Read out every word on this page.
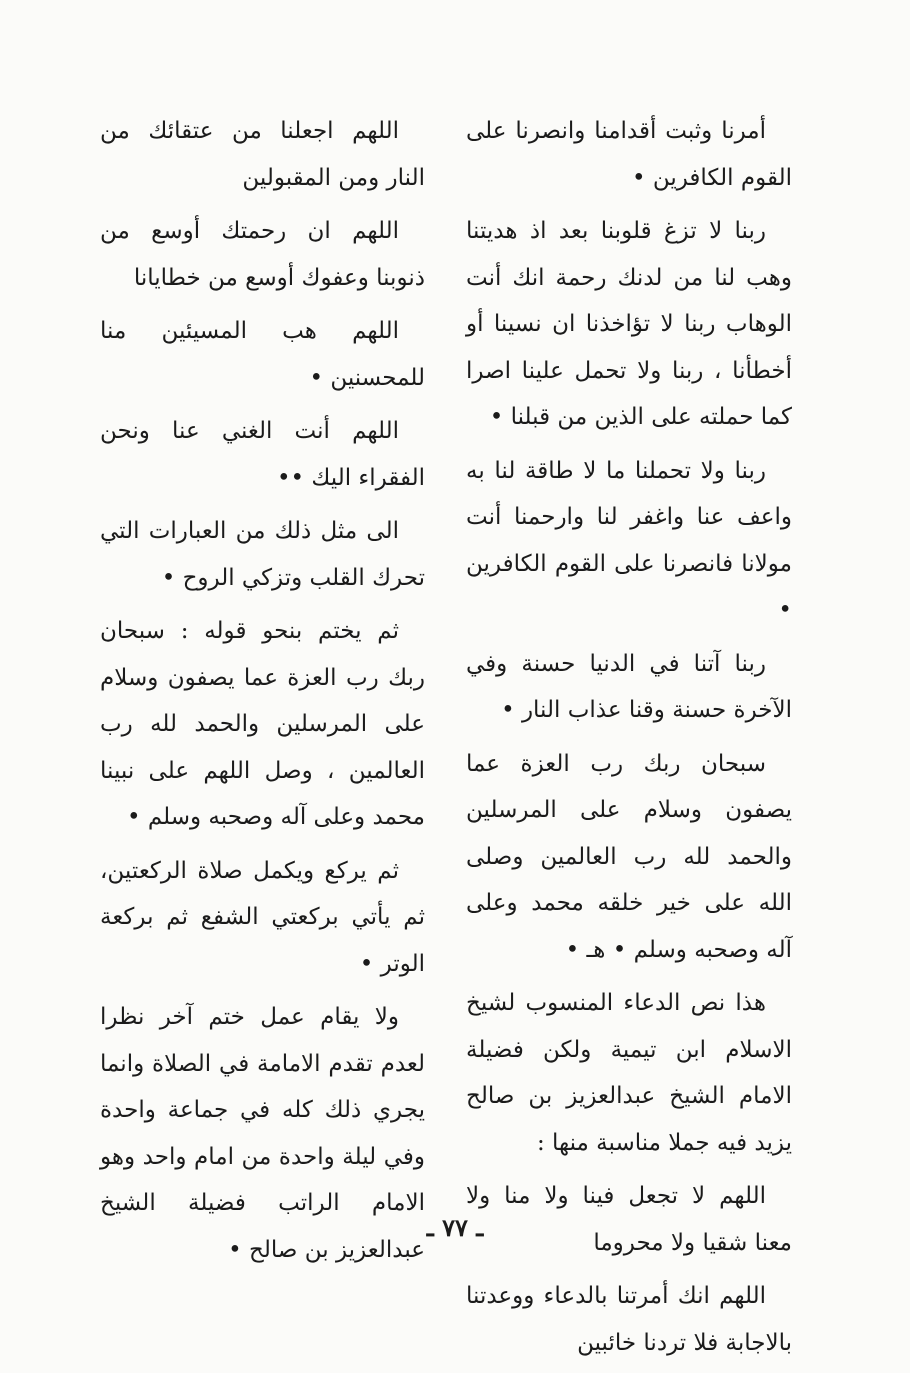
أمرنا وثبت أقدامنا وانصرنا على القوم الكافرين •

ربنا لا تزغ قلوبنا بعد اذ هديتنا وهب لنا من لدنك رحمة انك أنت الوهاب ربنا لا تؤاخذنا ان نسينا أو أخطأنا ، ربنا ولا تحمل علينا اصرا كما حملته على الذين من قبلنا •

ربنا ولا تحملنا ما لا طاقة لنا به واعف عنا واغفر لنا وارحمنا أنت مولانا فانصرنا على القوم الكافرين •

ربنا آتنا في الدنيا حسنة وفي الآخرة حسنة وقنا عذاب النار •

سبحان ربك رب العزة عما يصفون وسلام على المرسلين والحمد لله رب العالمين وصلى الله على خير خلقه محمد وعلى آله وصحبه وسلم • هـ •

هذا نص الدعاء المنسوب لشيخ الاسلام ابن تيمية ولكن فضيلة الامام الشيخ عبدالعزيز بن صالح يزيد فيه جملا مناسبة منها :

اللهم لا تجعل فينا ولا منا ولا معنا شقيا ولا محروما

اللهم انك أمرتنا بالدعاء ووعدتنا بالاجابة فلا تردنا خائبين

اللهم اجعلنا من عتقائك من النار ومن المقبولين

اللهم ان رحمتك أوسع من ذنوبنا وعفوك أوسع من خطايانا

اللهم هب المسيئين منا للمحسنين •

اللهم أنت الغني عنا ونحن الفقراء اليك ••

الى مثل ذلك من العبارات التي تحرك القلب وتزكي الروح •

ثم يختم بنحو قوله : سبحان ربك رب العزة عما يصفون وسلام على المرسلين والحمد لله رب العالمين ، وصل اللهم على نبينا محمد وعلى آله وصحبه وسلم •

ثم يركع ويكمل صلاة الركعتين، ثم يأتي بركعتي الشفع ثم بركعة الوتر •

ولا يقام عمل ختم آخر نظرا لعدم تقدم الامامة في الصلاة وانما يجري ذلك كله في جماعة واحدة وفي ليلة واحدة من امام واحد وهو الامام الراتب فضيلة الشيخ عبدالعزيز بن صالح •

ـ ٧٧ ـ
